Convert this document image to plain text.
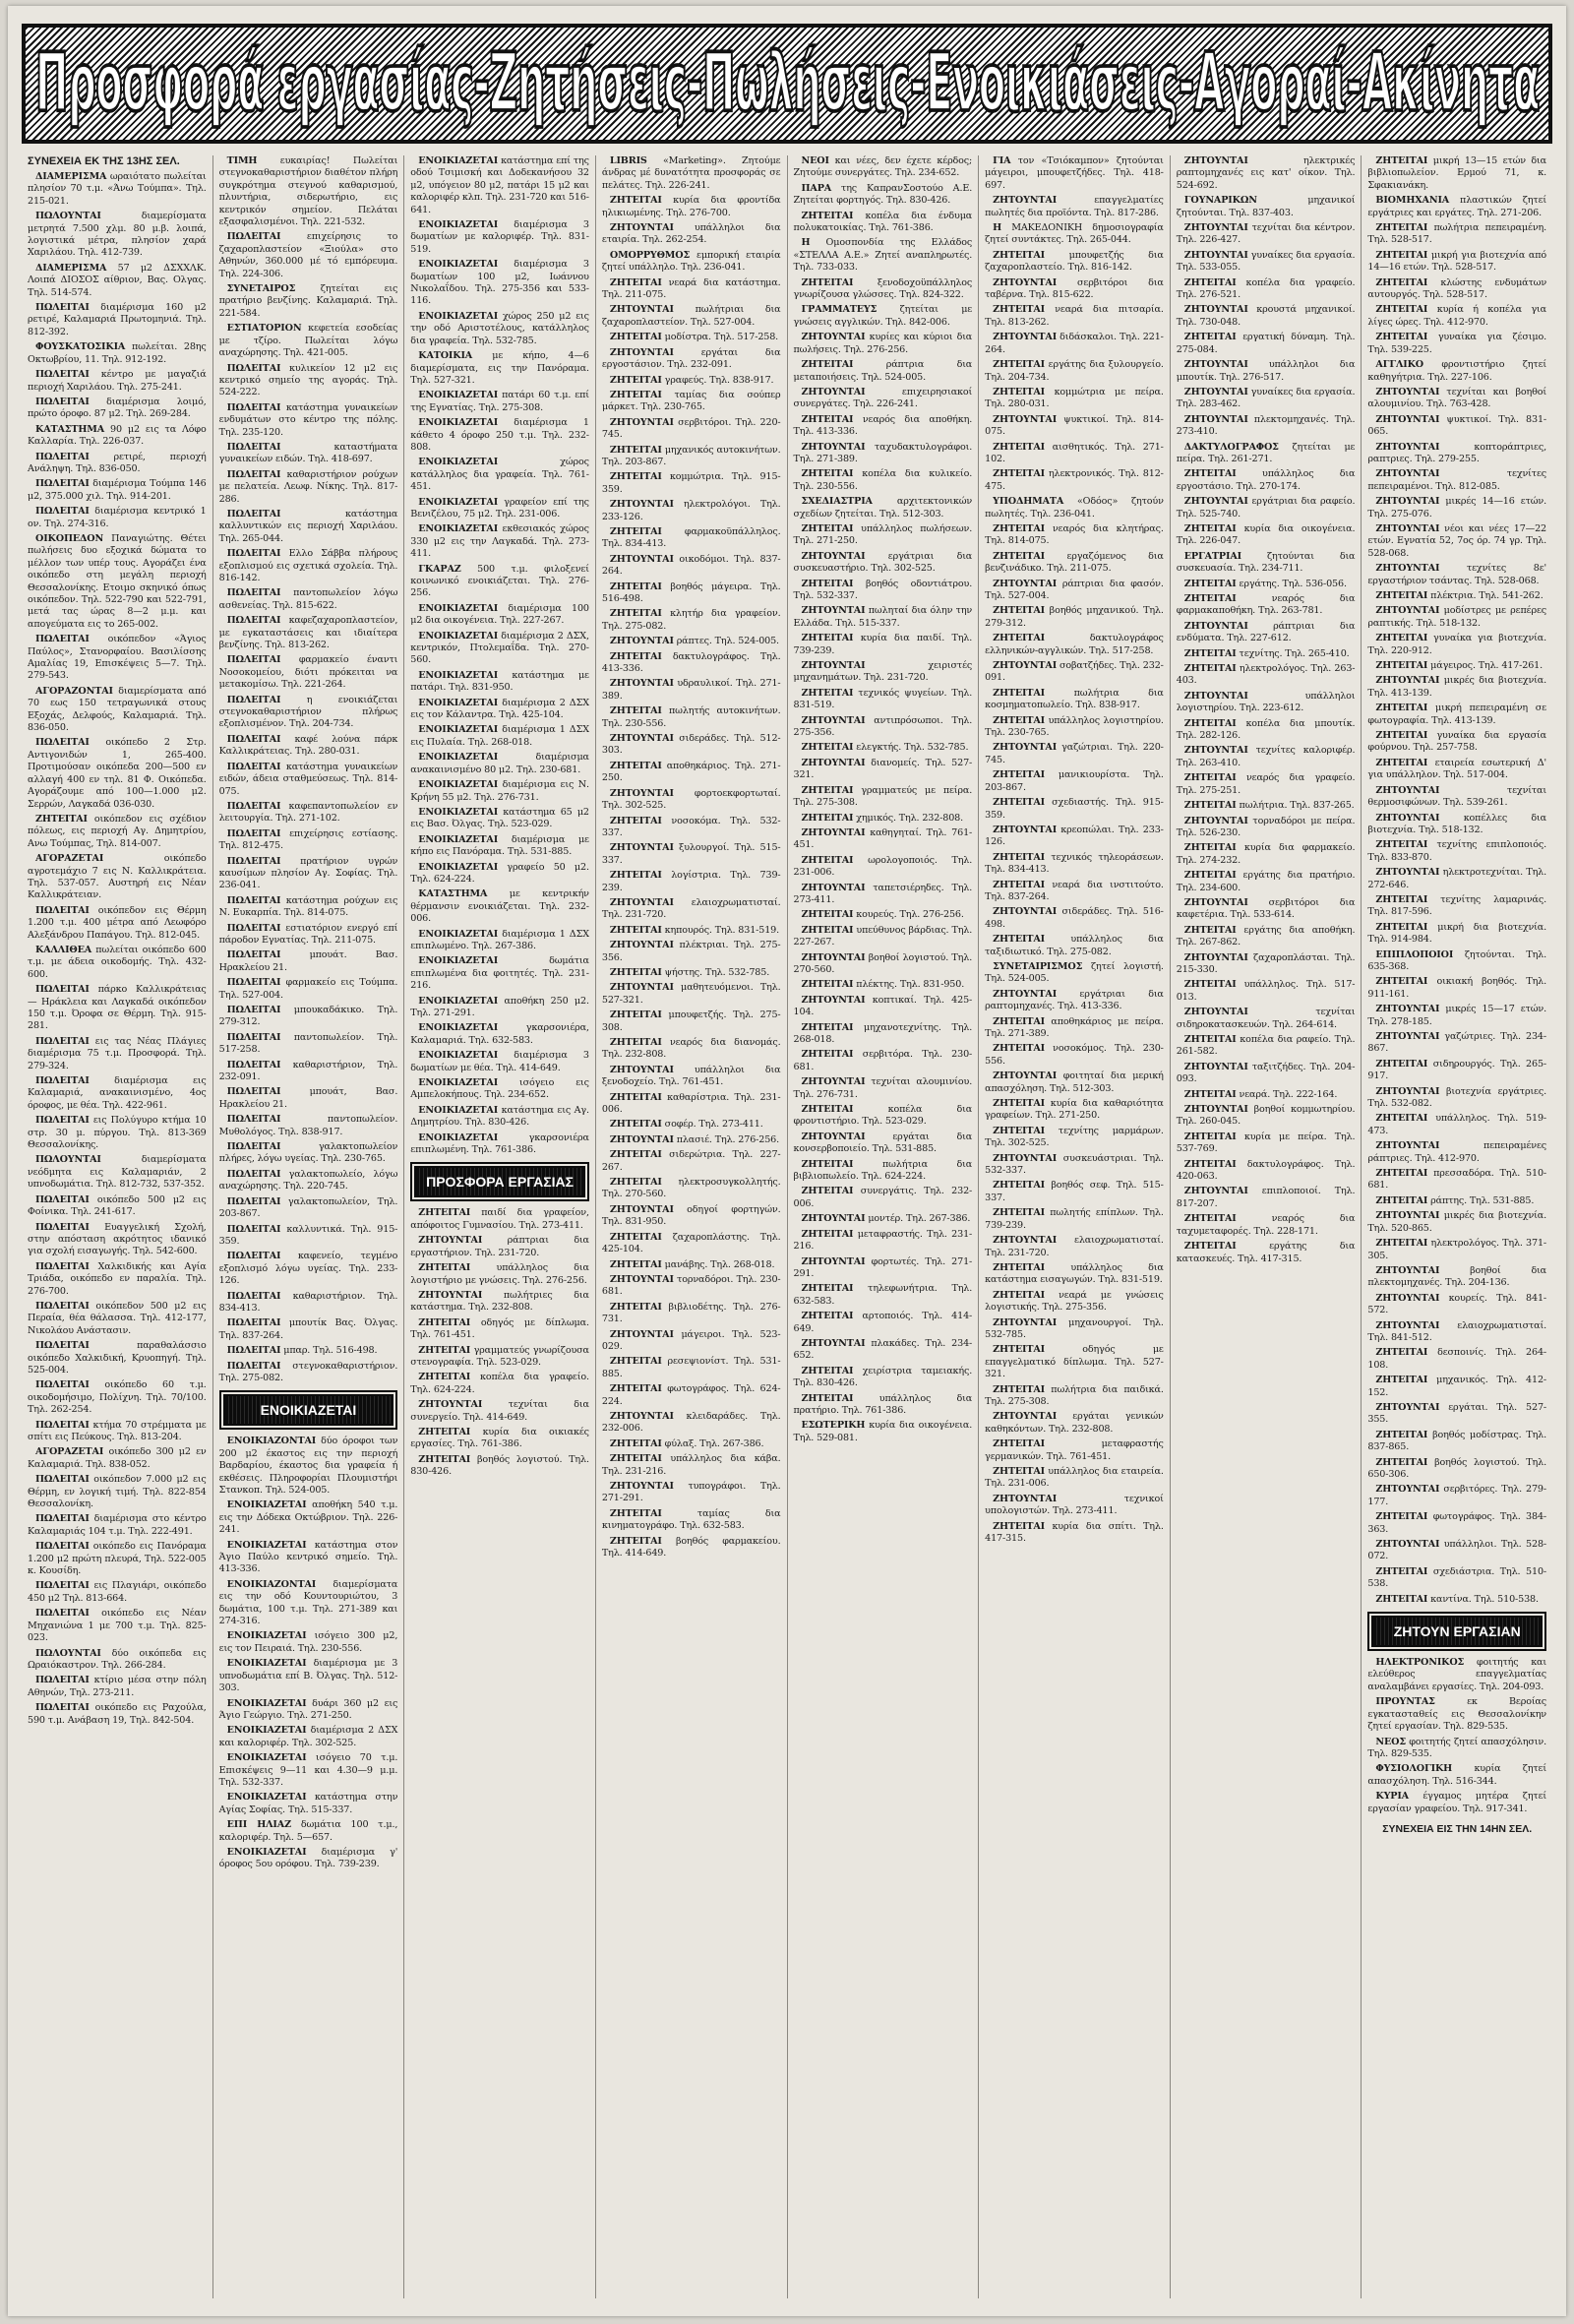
Προσφορά εργασίας-Ζητήσεις-Πωλήσεις-Ενοικιάσεις-Αγοραί-Ακίνητα
ΣΥΝΕΧΕΙΑ ΕΚ ΤΗΣ 13ΗΣ ΣΕΛ.

ΔΙΑΜΕΡΙΣΜΑ ωραιότατο πωλείται πλησίον 70 τ.μ. «Άνω Τούμπα». Τηλ. 215-021.

ΠΩΛΟΥΝΤΑΙ	διαμερίσματα μετρητά 7.500 χλμ. 80 μ.β. λοιπά, λογιστικά μέτρα, πλησίον χαρά Χαριλάου. Τηλ. 412-739.

ΔΙΑΜΕΡΙΣΜΑ 57 μ2 ΔΣΧΧΛΚ. Λοιπά ΔΙΟΣΟΣ αίθριον, Βας. Ολγας. Τηλ. 514-574.

ΠΩΛΕΙΤΑΙ διαμέρισμα 160 μ2 ρετιρέ, Καλαμαριά Πρωτομηνιά. Τηλ. 812-392.

ΦΟΥΣΚΑΤΟΣΙΚΙΑ πωλείται. 28ης Οκτωβρίου, 11. Τηλ. 912-192.

ΠΩΛΕΙΤΑΙ κέντρο με μαγαζιά περιοχή Χαριλάου. Τηλ. 275-241.

ΠΩΛΕΙΤΑΙ διαμέρισμα λοιμό, πρώτο όροφο. 87 μ2. Τηλ. 269-284.

ΚΑΤΑΣΤΗΜΑ 90 μ2 εις τα Λόφο Καλλαρία. Τηλ. 226-037.

ΠΩΛΕΙΤΑΙ	ρετιρέ, περιοχή Ανάληψη. Τηλ. 836-050.

ΠΩΛΕΙΤΑΙ διαμέρισμα Τούμπα 146 μ2, 375.000 χιλ. Τηλ. 914-201.

ΠΩΛΕΙΤΑΙ διαμέρισμα κεντρικό 1 ον. Τηλ. 274-316.

ΟΙΚΟΠΕΔΟΝ Παναγιώτης. Θέτει πωλήσεις δυο εξοχικά δώματα το μέλλον των υπέρ τους. Αγοράζει ένα οικόπεδο στη μεγάλη περιοχή Θεσσαλονίκης. Ετοιμο σκηνικό όπως οικόπεδον. Τηλ. 522-790 και 522-791, μετά τας ώρας 8—2 μ.μ. και απογεύματα εις το 265-002.

ΠΩΛΕΙΤΑΙ οικόπεδον «Άγιος Παύλος», Στανορφαίου. Βασιλίσσης Αμαλίας 19, Επισκέψεις 5—7. Τηλ. 279-543.

ΑΓΟΡΑΖΟΝΤΑΙ διαμερίσματα από 70 εως 150 τετραγωνικά στους Εξοχάς, Δελφούς, Καλαμαριά. Τηλ. 836-050.

ΠΩΛΕΙΤΑΙ οικόπεδο 2 Στρ. Αντιγονιδών 1, 265-400. Προτιμούσαν οικόπεδα 200—500 εν αλλαγή 400 εν τηλ. 81 Φ. Οικόπεδα. Αγοράζουμε από 100—1.000 μ2. Σερρών, Λαγκαδά 036-030.

ΖΗΤΕΙΤΑΙ οικόπεδον εις σχέδιον πόλεως, εις περιοχή Αγ. Δημητρίου, Ανω Τούμπας, Τηλ. 814-007.

ΑΓΟΡΑΖΕΤΑΙ	οικόπεδο αγροτεμάχιο 7 εις Ν. Καλλικράτεια. Τηλ. 537-057. Αυστηρή εις Νέαν Καλλικράτειαν.

ΠΩΛΕΙΤΑΙ οικόπεδον εις Θέρμη 1.200 τ.μ. 400 μέτρα από Λεωφόρο Αλεξάνδρου Παπάγου. Τηλ. 812-045.

ΚΑΛΛΙΘΕΑ πωλείται οικόπεδο 600 τ.μ. με άδεια οικοδομής. Τηλ. 432-600.

ΠΩΛΕΙΤΑΙ πάρκο Καλλικράτειας — Ηράκλεια και Λαγκαδά οικόπεδον 150 τ.μ. Όροφα σε Θέρμη. Τηλ. 915-281.

ΠΩΛΕΙΤΑΙ εις τας Νέας Πλάγιες διαμέρισμα 75 τ.μ. Προσφορά. Τηλ. 279-324.

ΠΩΛΕΙΤΑΙ	διαμέρισμα εις Καλαμαριά, ανακαινισμένο, 4ος όροφος, με θέα. Τηλ. 422-961.

ΠΩΛΕΙΤΑΙ εις Πολύγυρο κτήμα 10 στρ. 30 μ. πύργου. Τηλ. 813-369 Θεσσαλονίκης.

ΠΩΛΟΥΝΤΑΙ	διαμερίσματα νεόδμητα εις Καλαμαριάν, 2 υπνοδωμάτια. Τηλ. 812-732, 537-352.

ΠΩΛΕΙΤΑΙ οικόπεδο 500 μ2 εις Φοίνικα. Τηλ. 241-617.

ΠΩΛΕΙΤΑΙ Ευαγγελική Σχολή, στην απόσταση ακρότητος ιδανικό για σχολή εισαγωγής. Τηλ. 542-600.

ΠΩΛΕΙΤΑΙ Χαλκιδικής και Αγία Τριάδα, οικόπεδο εν παραλία. Τηλ. 276-700.

ΠΩΛΕΙΤΑΙ οικόπεδον 500 μ2 εις Περαία, θέα θάλασσα. Τηλ. 412-177, Νικολάου Ανάστασιν.

ΠΩΛΕΙΤΑΙ	παραθαλάσσιο οικόπεδο Χαλκιδική, Κρυοπηγή. Τηλ. 525-004.

ΠΩΛΕΙΤΑΙ οικόπεδο 60 τ.μ. οικοδομήσιμο, Πολίχνη. Τηλ. 70/100. Τηλ. 262-254.

ΠΩΛΕΙΤΑΙ κτήμα 70 στρέμματα με σπίτι εις Πεύκους. Τηλ. 813-204.

ΑΓΟΡΑΖΕΤΑΙ οικόπεδο 300 μ2 εν Καλαμαριά. Τηλ. 838-052.

ΠΩΛΕΙΤΑΙ οικόπεδον 7.000 μ2 εις Θέρμη, εν λογική τιμή. Τηλ. 822-854 Θεσσαλονίκη.

ΠΩΛΕΙΤΑΙ διαμέρισμα στο κέντρο Καλαμαριάς 104 τ.μ. Τηλ. 222-491.

ΠΩΛΕΙΤΑΙ οικόπεδο εις Πανόραμα 1.200 μ2 πρώτη πλευρά, Τηλ. 522-005 κ. Κουσίδη.

ΠΩΛΕΙΤΑΙ εις Πλαγιάρι, οικόπεδο 450 μ2 Τηλ. 813-664.

ΠΩΛΕΙΤΑΙ οικόπεδο εις Νέαν Μηχανιώνα 1 με 700 τ.μ. Τηλ. 825-023.

ΠΩΛΟΥΝΤΑΙ δύο οικόπεδα εις Ωραιόκαστρον. Τηλ. 266-284.

ΠΩΛΕΙΤΑΙ κτίριο μέσα στην πόλη Αθηνών, Τηλ. 273-211.

ΠΩΛΕΙΤΑΙ οικόπεδο εις Ραχούλα, 590 τ.μ. Ανάβαση 19, Τηλ. 842-504.

ΤΙΜΗ ευκαιρίας! Πωλείται στεγνοκαθαριστήριον διαθέτον πλήρη συγκρότημα στεγνού καθαρισμού, πλυντήρια, σιδερωτήριο, εις κεντρικόν σημείον. Πελάται εξασφαλισμένοι. Τηλ. 221-532.

ΠΩΛΕΙΤΑΙ	επιχείρησις το ζαχαροπλαστείον «Ξιούλα» στο Αθηνών, 360.000 μέ τό εμπόρευμα. Τηλ. 224-306.

ΣΥΝΕΤΑΙΡΟΣ	ζητείται εις πρατήριο βενζίνης. Καλαμαριά. Τηλ. 221-584.

ΕΣΤΙΑΤΟΡΙΟΝ κεφετεία εσοδείας με τζίρο. Πωλείται λόγω αναχώρησης. Τηλ. 421-005.

ΠΩΛΕΙΤΑΙ κυλικείον 12 μ2 εις κεντρικό σημείο της αγοράς. Τηλ. 524-222.

ΠΩΛΕΙΤΑΙ κατάστημα γυναικείων ενδυμάτων στο κέντρο της πόλης. Τηλ. 235-120.

ΠΩΛΕΙΤΑΙ	καταστήματα γυναικείων ειδών. Τηλ. 418-697.

ΠΩΛΕΙΤΑΙ καθαριστήριον ρούχων με πελατεία. Λεωφ. Νίκης. Τηλ. 817-286.

ΠΩΛΕΙΤΑΙ	κατάστημα καλλυντικών εις περιοχή Χαριλάου. Τηλ. 265-044.

ΠΩΛΕΙΤΑΙ Ελλο Σάββα πλήρους εξοπλισμού εις σχετικά σχολεία. Τηλ. 816-142.

ΠΩΛΕΙΤΑΙ παντοπωλείον λόγω ασθενείας. Τηλ. 815-622.

ΠΩΛΕΙΤΑΙ καφεζαχαροπλαστείον, με εγκαταστάσεις και ιδιαίτερα βενζίνης. Τηλ. 813-262.

ΠΩΛΕΙΤΑΙ φαρμακείο έναντι Νοσοκομείου, διότι πρόκειται να μετακομίσω. Τηλ. 221-264.

ΠΩΛΕΙΤΑΙ	η ενοικιάζεται στεγνοκαθαριστήριον πλήρως εξοπλισμένον. Τηλ. 204-734.

ΠΩΛΕΙΤΑΙ καφέ λούνα πάρκ Καλλικράτειας. Τηλ. 280-031.

ΠΩΛΕΙΤΑΙ κατάστημα γυναικείων ειδών, άδεια σταθμεύσεως. Τηλ. 814-075.

ΠΩΛΕΙΤΑΙ καφεπαντοπωλείον εν λειτουργία. Τηλ. 271-102.

ΠΩΛΕΙΤΑΙ επιχείρησις εστίασης. Τηλ. 812-475.

ΠΩΛΕΙΤΑΙ πρατήριον υγρών καυσίμων πλησίον Αγ. Σοφίας. Τηλ. 236-041.

ΠΩΛΕΙΤΑΙ κατάστημα ρούχων εις Ν. Ευκαρπία. Τηλ. 814-075.

ΠΩΛΕΙΤΑΙ εστιατόριον ενεργό επί πάροδον Εγνατίας. Τηλ. 211-075.

ΠΩΛΕΙΤΑΙ	μπουάτ. Βασ. Ηρακλείου 21.

ΠΩΛΕΙΤΑΙ φαρμακείο εις Τούμπα. Τηλ. 527-004.

ΠΩΛΕΙΤΑΙ μπουκαδάκικο. Τηλ. 279-312.

ΠΩΛΕΙΤΑΙ παντοπωλείον. Τηλ. 517-258.

ΠΩΛΕΙΤΑΙ καθαριστήριον, Τηλ. 232-091.

ΠΩΛΕΙΤΑΙ	μπουάτ, Βασ. Ηρακλείου 21.

ΠΩΛΕΙΤΑΙ	παντοπωλείον. Μυθολόγος. Τηλ. 838-917.

ΠΩΛΕΙΤΑΙ	γαλακτοπωλείον πλήρες, λόγω υγείας. Τηλ. 230-765.

ΠΩΛΕΙΤΑΙ γαλακτοπωλείο, λόγω αναχώρησης. Τηλ. 220-745.

ΠΩΛΕΙΤΑΙ γαλακτοπωλείον, Τηλ. 203-867.

ΠΩΛΕΙΤΑΙ καλλυντικά. Τηλ. 915-359.

ΠΩΛΕΙΤΑΙ καφενείο, τεγμένο εξοπλισμό λόγω υγείας. Τηλ. 233-126.

ΠΩΛΕΙΤΑΙ καθαριστήριον. Τηλ. 834-413.

ΠΩΛΕΙΤΑΙ μπουτίκ Βας. Όλγας. Τηλ. 837-264.

ΠΩΛΕΙΤΑΙ μπαρ. Τηλ. 516-498.

ΠΩΛΕΙΤΑΙ στεγνοκαθαριστήριον. Τηλ. 275-082.

ΕΝΟΙΚΙΑΖΕΤΑΙ

ΕΝΟΙΚΙΑΖΟΝΤΑΙ δύο όροφοι των 200 μ2 έκαστος εις την περιοχή Βαρδαρίου, έκαστος δια γραφεία ή εκθέσεις. Πληροφορίαι Πλουμιστήρι Στανκοπ. Τηλ. 524-005.

ΕΝΟΙΚΙΑΖΕΤΑΙ αποθήκη 540 τ.μ. εις την Δόδεκα Οκτώβριον. Τηλ. 226-241.

ΕΝΟΙΚΙΑΖΕΤΑΙ κατάστημα στον Άγιο Παύλο κεντρικό σημείο. Τηλ. 413-336.

ΕΝΟΙΚΙΑΖΟΝΤΑΙ διαμερίσματα εις την οδό Κουντουριώτου, 3 δωμάτια, 100 τ.μ. Τηλ. 271-389 και 274-316.

ΕΝΟΙΚΙΑΖΕΤΑΙ ισόγειο 300 μ2, εις τον Πειραιά. Τηλ. 230-556.

ΕΝΟΙΚΙΑΖΕΤΑΙ διαμέρισμα με 3 υπνοδωμάτια επί Β. Όλγας. Τηλ. 512-303.

ΕΝΟΙΚΙΑΖΕΤΑΙ δυάρι 360 μ2 εις Άγιο Γεώργιο. Τηλ. 271-250.

ΕΝΟΙΚΙΑΖΕΤΑΙ διαμέρισμα 2 ΔΣΧ και καλοριφέρ. Τηλ. 302-525.

ΕΝΟΙΚΙΑΖΕΤΑΙ ισόγειο 70 τ.μ. Επισκέψεις 9—11 και 4.30—9 μ.μ. Τηλ. 532-337.

ΕΝΟΙΚΙΑΖΕΤΑΙ κατάστημα στην Αγίας Σοφίας. Τηλ. 515-337.

ΕΠΙ ΗΛΙΑΖ δωμάτια 100 τ.μ., καλοριφέρ. Τηλ. 5—657.

ΕΝΟΙΚΙΑΖΕΤΑΙ διαμέρισμα γ' όροφος 5ου ορόφου. Τηλ. 739-239.

ΕΝΟΙΚΙΑΖΕΤΑΙ κατάστημα επί της οδού Τσιμισκή και Δοδεκανήσου 32 μ2, υπόγειον 80 μ2, πατάρι 15 μ2 και καλοριφέρ κλπ. Τηλ. 231-720 και 516-641.

ΕΝΟΙΚΙΑΖΕΤΑΙ διαμέρισμα 3 δωματίων με καλοριφέρ. Τηλ. 831-519.

ΕΝΟΙΚΙΑΖΕΤΑΙ διαμέρισμα 3 δωματίων 100 μ2, Ιωάννου Νικολαΐδου. Τηλ. 275-356 και 533-116.

ΕΝΟΙΚΙΑΖΕΤΑΙ χώρος 250 μ2 εις την οδό Αριστοτέλους, κατάλληλος δια γραφεία. Τηλ. 532-785.

ΚΑΤΟΙΚΙΑ με κήπο, 4—6 διαμερίσματα, εις την Πανόραμα. Τηλ. 527-321.

ΕΝΟΙΚΙΑΖΕΤΑΙ πατάρι 60 τ.μ. επί της Εγνατίας. Τηλ. 275-308.

ΕΝΟΙΚΙΑΖΕΤΑΙ διαμέρισμα 1 κάθετο 4 όροφο 250 τ.μ. Τηλ. 232-808.

ΕΝΟΙΚΙΑΖΕΤΑΙ	χώρος κατάλληλος δια γραφεία. Τηλ. 761-451.

ΕΝΟΙΚΙΑΖΕΤΑΙ γραφείον επί της Βενιζέλου, 75 μ2. Τηλ. 231-006.

ΕΝΟΙΚΙΑΖΕΤΑΙ εκθεσιακός χώρος 330 μ2 εις την Λαγκαδά. Τηλ. 273-411.

ΓΚΑΡΑΖ 500 τ.μ. φιλοξενεί κοινωνικό ενοικιάζεται. Τηλ. 276-256.

ΕΝΟΙΚΙΑΖΕΤΑΙ διαμέρισμα 100 μ2 δια οικογένεια. Τηλ. 227-267.

ΕΝΟΙΚΙΑΖΕΤΑΙ διαμέρισμα 2 ΔΣΧ, κεντρικόν, Πτολεμαΐδα. Τηλ. 270-560.

ΕΝΟΙΚΙΑΖΕΤΑΙ κατάστημα με πατάρι. Τηλ. 831-950.

ΕΝΟΙΚΙΑΖΕΤΑΙ διαμέρισμα 2 ΔΣΧ εις τον Κάλαντρα. Τηλ. 425-104.

ΕΝΟΙΚΙΑΖΕΤΑΙ διαμέρισμα 1 ΔΣΧ εις Πυλαία. Τηλ. 268-018.

ΕΝΟΙΚΙΑΖΕΤΑΙ	διαμέρισμα ανακαινισμένο 80 μ2. Τηλ. 230-681.

ΕΝΟΙΚΙΑΖΕΤΑΙ διαμέρισμα εις Ν. Κρήνη 55 μ2. Τηλ. 276-731.

ΕΝΟΙΚΙΑΖΕΤΑΙ κατάστημα 65 μ2 εις Βασ. Όλγας. Τηλ. 523-029.

ΕΝΟΙΚΙΑΖΕΤΑΙ διαμέρισμα με κήπο εις Πανόραμα. Τηλ. 531-885.

ΕΝΟΙΚΙΑΖΕΤΑΙ γραφείο 50 μ2. Τηλ. 624-224.

ΚΑΤΑΣΤΗΜΑ με κεντρικήν θέρμανσιν ενοικιάζεται. Τηλ. 232-006.

ΕΝΟΙΚΙΑΖΕΤΑΙ διαμέρισμα 1 ΔΣΧ επιπλωμένο. Τηλ. 267-386.

ΕΝΟΙΚΙΑΖΕΤΑΙ	δωμάτια επιπλωμένα δια φοιτητές. Τηλ. 231-216.

ΕΝΟΙΚΙΑΖΕΤΑΙ αποθήκη 250 μ2. Τηλ. 271-291.

ΕΝΟΙΚΙΑΖΕΤΑΙ	γκαρσονιέρα, Καλαμαριά. Τηλ. 632-583.

ΕΝΟΙΚΙΑΖΕΤΑΙ διαμέρισμα 3 δωματίων με θέα. Τηλ. 414-649.

ΕΝΟΙΚΙΑΖΕΤΑΙ ισόγειο εις Αμπελοκήπους. Τηλ. 234-652.

ΕΝΟΙΚΙΑΖΕΤΑΙ κατάστημα εις Αγ. Δημητρίου. Τηλ. 830-426.

ΕΝΟΙΚΙΑΖΕΤΑΙ	γκαρσονιέρα επιπλωμένη. Τηλ. 761-386.

ΠΡΟΣΦΟΡΑ ΕΡΓΑΣΙΑΣ

ΖΗΤΕΙΤΑΙ παιδί δια γραφείον, απόφοιτος Γυμνασίου. Τηλ. 273-411.

ΖΗΤΟΥΝΤΑΙ	ράπτριαι δια εργαστήριον. Τηλ. 231-720.

ΖΗΤΕΙΤΑΙ	υπάλληλος δια λογιστήριο με γνώσεις. Τηλ. 276-256.

ΖΗΤΟΥΝΤΑΙ πωλήτριες δια κατάστημα. Τηλ. 232-808.

ΖΗΤΕΙΤΑΙ οδηγός με δίπλωμα. Τηλ. 761-451.

ΖΗΤΕΙΤΑΙ γραμματεύς γνωρίζουσα στενογραφία. Τηλ. 523-029.

ΖΗΤΕΙΤΑΙ κοπέλα δια γραφείο. Τηλ. 624-224.

ΖΗΤΟΥΝΤΑΙ	τεχνίται δια συνεργείο. Τηλ. 414-649.

ΖΗΤΕΙΤΑΙ κυρία δια οικιακές εργασίες. Τηλ. 761-386.

ΖΗΤΕΙΤΑΙ βοηθός λογιστού. Τηλ. 830-426.

LIBRIS «Marketing». Ζητούμε άνδρας μέ δυνατότητα προσφοράς σε πελάτες. Τηλ. 226-241.

ΖΗΤΕΙΤΑΙ κυρία δια φροντίδα ηλικιωμένης. Τηλ. 276-700.

ΖΗΤΟΥΝΤΑΙ υπάλληλοι δια εταιρία. Τηλ. 262-254.

ΟΜΟΡΡΥΘΜΟΣ εμπορική εταιρία ζητεί υπάλληλο. Τηλ. 236-041.

ΖΗΤΕΙΤΑΙ νεαρά δια κατάστημα. Τηλ. 211-075.

ΖΗΤΟΥΝΤΑΙ πωλήτριαι δια ζαχαροπλαστείον. Τηλ. 527-004.

ΖΗΤΕΙΤΑΙ μοδίστρα. Τηλ. 517-258.

ΖΗΤΟΥΝΤΑΙ	εργάται δια εργοστάσιον. Τηλ. 232-091.

ΖΗΤΕΙΤΑΙ γραφεύς. Τηλ. 838-917.

ΖΗΤΕΙΤΑΙ ταμίας δια σούπερ μάρκετ. Τηλ. 230-765.

ΖΗΤΟΥΝΤΑΙ σερβιτόροι. Τηλ. 220-745.

ΖΗΤΕΙΤΑΙ μηχανικός αυτοκινήτων. Τηλ. 203-867.

ΖΗΤΕΙΤΑΙ κομμώτρια. Τηλ. 915-359.

ΖΗΤΟΥΝΤΑΙ ηλεκτρολόγοι. Τηλ. 233-126.

ΖΗΤΕΙΤΑΙ φαρμακοϋπάλληλος. Τηλ. 834-413.

ΖΗΤΟΥΝΤΑΙ οικοδόμοι. Τηλ. 837-264.

ΖΗΤΕΙΤΑΙ βοηθός μάγειρα. Τηλ. 516-498.

ΖΗΤΕΙΤΑΙ κλητήρ δια γραφείον. Τηλ. 275-082.

ΖΗΤΟΥΝΤΑΙ ράπτες. Τηλ. 524-005.

ΖΗΤΕΙΤΑΙ δακτυλογράφος. Τηλ. 413-336.

ΖΗΤΟΥΝΤΑΙ υδραυλικοί. Τηλ. 271-389.

ΖΗΤΕΙΤΑΙ πωλητής αυτοκινήτων. Τηλ. 230-556.

ΖΗΤΟΥΝΤΑΙ σιδεράδες. Τηλ. 512-303.

ΖΗΤΕΙΤΑΙ αποθηκάριος. Τηλ. 271-250.

ΖΗΤΟΥΝΤΑΙ φορτοεκφορτωταί. Τηλ. 302-525.

ΖΗΤΕΙΤΑΙ νοσοκόμα. Τηλ. 532-337.

ΖΗΤΟΥΝΤΑΙ ξυλουργοί. Τηλ. 515-337.

ΖΗΤΕΙΤΑΙ λογίστρια. Τηλ. 739-239.

ΖΗΤΟΥΝΤΑΙ ελαιοχρωματισταί. Τηλ. 231-720.

ΖΗΤΕΙΤΑΙ κηπουρός. Τηλ. 831-519.

ΖΗΤΟΥΝΤΑΙ πλέκτριαι. Τηλ. 275-356.

ΖΗΤΕΙΤΑΙ ψήστης. Τηλ. 532-785.

ΖΗΤΟΥΝΤΑΙ μαθητευόμενοι. Τηλ. 527-321.

ΖΗΤΕΙΤΑΙ μπουφετζής. Τηλ. 275-308.

ΖΗΤΕΙΤΑΙ νεαρός δια διανομάς. Τηλ. 232-808.

ΖΗΤΟΥΝΤΑΙ υπάλληλοι δια ξενοδοχείο. Τηλ. 761-451.

ΖΗΤΕΙΤΑΙ καθαρίστρια. Τηλ. 231-006.

ΖΗΤΕΙΤΑΙ σοφέρ. Τηλ. 273-411.

ΖΗΤΟΥΝΤΑΙ πλασιέ. Τηλ. 276-256.

ΖΗΤΕΙΤΑΙ σιδερώτρια. Τηλ. 227-267.

ΖΗΤΕΙΤΑΙ ηλεκτροσυγκολλητής. Τηλ. 270-560.

ΖΗΤΟΥΝΤΑΙ οδηγοί φορτηγών. Τηλ. 831-950.

ΖΗΤΕΙΤΑΙ ζαχαροπλάστης. Τηλ. 425-104.

ΖΗΤΕΙΤΑΙ μανάβης. Τηλ. 268-018.

ΖΗΤΟΥΝΤΑΙ τορναδόροι. Τηλ. 230-681.

ΖΗΤΕΙΤΑΙ βιβλιοδέτης. Τηλ. 276-731.

ΖΗΤΟΥΝΤΑΙ μάγειροι. Τηλ. 523-029.

ΖΗΤΕΙΤΑΙ ρεσεψιονίστ. Τηλ. 531-885.

ΖΗΤΕΙΤΑΙ φωτογράφος. Τηλ. 624-224.

ΖΗΤΟΥΝΤΑΙ κλειδαράδες. Τηλ. 232-006.

ΖΗΤΕΙΤΑΙ φύλαξ. Τηλ. 267-386.

ΖΗΤΕΙΤΑΙ υπάλληλος δια κάβα. Τηλ. 231-216.

ΖΗΤΟΥΝΤΑΙ τυπογράφοι. Τηλ. 271-291.

ΖΗΤΕΙΤΑΙ	ταμίας δια κινηματογράφο. Τηλ. 632-583.

ΖΗΤΕΙΤΑΙ βοηθός φαρμακείου. Τηλ. 414-649.

ΝΕΟΙ και νέες, δεν έχετε κέρδος; Ζητούμε συνεργάτες. Τηλ. 234-652.

ΠΑΡΑ της ΚαπρανΣοστούο Α.Ε. Ζητείται φορτηγός. Τηλ. 830-426.

ΖΗΤΕΙΤΑΙ κοπέλα δια ένδυμα πολυκατοικίας. Τηλ. 761-386.

Η Ομοσπονδία της Ελλάδος «ΣΤΕΛΛΑ Α.Ε.» Ζητεί αναπληρωτές. Τηλ. 733-033.

ΖΗΤΕΙΤΑΙ	ξενοδοχοϋπάλληλος γνωρίζουσα γλώσσες. Τηλ. 824-322.

ΓΡΑΜΜΑΤΕΥΣ ζητείται με γνώσεις αγγλικών. Τηλ. 842-006.

ΖΗΤΟΥΝΤΑΙ κυρίες και κύριοι δια πωλήσεις. Τηλ. 276-256.

ΖΗΤΕΙΤΑΙ	ράπτρια δια μεταποιήσεις. Τηλ. 524-005.

ΖΗΤΟΥΝΤΑΙ	επιχειρησιακοί συνεργάτες. Τηλ. 226-241.

ΖΗΤΕΙΤΑΙ νεαρός δια αποθήκη. Τηλ. 413-336.

ΖΗΤΟΥΝΤΑΙ ταχυδακτυλογράφοι. Τηλ. 271-389.

ΖΗΤΕΙΤΑΙ κοπέλα δια κυλικείο. Τηλ. 230-556.

ΣΧΕΔΙΑΣΤΡΙΑ	αρχιτεκτονικών σχεδίων ζητείται. Τηλ. 512-303.

ΖΗΤΕΙΤΑΙ υπάλληλος πωλήσεων. Τηλ. 271-250.

ΖΗΤΟΥΝΤΑΙ εργάτριαι δια συσκευαστήριο. Τηλ. 302-525.

ΖΗΤΕΙΤΑΙ βοηθός οδοντιάτρου. Τηλ. 532-337.

ΖΗΤΟΥΝΤΑΙ πωληταί δια όλην την Ελλάδα. Τηλ. 515-337.

ΖΗΤΕΙΤΑΙ κυρία δια παιδί. Τηλ. 739-239.

ΖΗΤΟΥΝΤΑΙ	χειριστές μηχανημάτων. Τηλ. 231-720.

ΖΗΤΕΙΤΑΙ τεχνικός ψυγείων. Τηλ. 831-519.

ΖΗΤΟΥΝΤΑΙ αντιπρόσωποι. Τηλ. 275-356.

ΖΗΤΕΙΤΑΙ ελεγκτής. Τηλ. 532-785.

ΖΗΤΟΥΝΤΑΙ διανομείς. Τηλ. 527-321.

ΖΗΤΕΙΤΑΙ γραμματεύς με πείρα. Τηλ. 275-308.

ΖΗΤΕΙΤΑΙ χημικός. Τηλ. 232-808.

ΖΗΤΟΥΝΤΑΙ καθηγηταί. Τηλ. 761-451.

ΖΗΤΕΙΤΑΙ ωρολογοποιός. Τηλ. 231-006.

ΖΗΤΟΥΝΤΑΙ ταπετσιέρηδες. Τηλ. 273-411.

ΖΗΤΕΙΤΑΙ κουρεύς. Τηλ. 276-256.

ΖΗΤΕΙΤΑΙ υπεύθυνος βάρδιας. Τηλ. 227-267.

ΖΗΤΟΥΝΤΑΙ βοηθοί λογιστού. Τηλ. 270-560.

ΖΗΤΕΙΤΑΙ πλέκτης. Τηλ. 831-950.

ΖΗΤΟΥΝΤΑΙ κοπτικαί. Τηλ. 425-104.

ΖΗΤΕΙΤΑΙ μηχανοτεχνίτης. Τηλ. 268-018.

ΖΗΤΕΙΤΑΙ σερβιτόρα. Τηλ. 230-681.

ΖΗΤΟΥΝΤΑΙ τεχνίται αλουμινίου. Τηλ. 276-731.

ΖΗΤΕΙΤΑΙ	κοπέλα δια φροντιστήριο. Τηλ. 523-029.

ΖΗΤΟΥΝΤΑΙ	εργάται δια κονσερβοποιείο. Τηλ. 531-885.

ΖΗΤΕΙΤΑΙ	πωλήτρια δια βιβλιοπωλείο. Τηλ. 624-224.

ΖΗΤΕΙΤΑΙ συνεργάτις. Τηλ. 232-006.

ΖΗΤΟΥΝΤΑΙ μοντέρ. Τηλ. 267-386.

ΖΗΤΕΙΤΑΙ μεταφραστής. Τηλ. 231-216.

ΖΗΤΟΥΝΤΑΙ φορτωτές. Τηλ. 271-291.

ΖΗΤΕΙΤΑΙ τηλεφωνήτρια. Τηλ. 632-583.

ΖΗΤΕΙΤΑΙ αρτοποιός. Τηλ. 414-649.

ΖΗΤΟΥΝΤΑΙ πλακάδες. Τηλ. 234-652.

ΖΗΤΕΙΤΑΙ χειρίστρια ταμειακής. Τηλ. 830-426.

ΖΗΤΕΙΤΑΙ	υπάλληλος δια πρατήριο. Τηλ. 761-386.

ΕΣΩΤΕΡΙΚΗ κυρία δια οικογένεια. Τηλ. 529-081.

ΓΙΑ τον «Τσιόκαμπον» ζητούνται μάγειροι, μπουφετζήδες. Τηλ. 418-697.

ΖΗΤΟΥΝΤΑΙ	επαγγελματίες πωλητές δια προϊόντα. Τηλ. 817-286.

Η ΜΑΚΕΔΟΝΙΚΗ δημοσιογραφία ζητεί συντάκτες. Τηλ. 265-044.

ΖΗΤΕΙΤΑΙ	μπουφετζής δια ζαχαροπλαστείο. Τηλ. 816-142.

ΖΗΤΟΥΝΤΑΙ σερβιτόροι δια ταβέρνα. Τηλ. 815-622.

ΖΗΤΕΙΤΑΙ νεαρά δια πιτσαρία. Τηλ. 813-262.

ΖΗΤΟΥΝΤΑΙ διδάσκαλοι. Τηλ. 221-264.

ΖΗΤΕΙΤΑΙ εργάτης δια ξυλουργείο. Τηλ. 204-734.

ΖΗΤΕΙΤΑΙ κομμώτρια με πείρα. Τηλ. 280-031.

ΖΗΤΟΥΝΤΑΙ ψυκτικοί. Τηλ. 814-075.

ΖΗΤΕΙΤΑΙ αισθητικός. Τηλ. 271-102.

ΖΗΤΕΙΤΑΙ ηλεκτρονικός. Τηλ. 812-475.

ΥΠΟΔΗΜΑΤΑ «Οδόος» ζητούν πωλητές. Τηλ. 236-041.

ΖΗΤΕΙΤΑΙ νεαρός δια κλητήρας. Τηλ. 814-075.

ΖΗΤΕΙΤΑΙ εργαζόμενος δια βενζινάδικο. Τηλ. 211-075.

ΖΗΤΟΥΝΤΑΙ ράπτριαι δια φασόν. Τηλ. 527-004.

ΖΗΤΕΙΤΑΙ βοηθός μηχανικού. Τηλ. 279-312.

ΖΗΤΕΙΤΑΙ	δακτυλογράφος ελληνικών-αγγλικών. Τηλ. 517-258.

ΖΗΤΟΥΝΤΑΙ σοβατζήδες. Τηλ. 232-091.

ΖΗΤΕΙΤΑΙ	πωλήτρια δια κοσμηματοπωλείο. Τηλ. 838-917.

ΖΗΤΕΙΤΑΙ υπάλληλος λογιστηρίου. Τηλ. 230-765.

ΖΗΤΟΥΝΤΑΙ γαζώτριαι. Τηλ. 220-745.

ΖΗΤΕΙΤΑΙ μανικιουρίστα. Τηλ. 203-867.

ΖΗΤΕΙΤΑΙ σχεδιαστής. Τηλ. 915-359.

ΖΗΤΟΥΝΤΑΙ κρεοπώλαι. Τηλ. 233-126.

ΖΗΤΕΙΤΑΙ τεχνικός τηλεοράσεων. Τηλ. 834-413.

ΖΗΤΕΙΤΑΙ νεαρά δια ινστιτούτο. Τηλ. 837-264.

ΖΗΤΟΥΝΤΑΙ σιδεράδες. Τηλ. 516-498.

ΖΗΤΕΙΤΑΙ	υπάλληλος δια ταξιδιωτικό. Τηλ. 275-082.

ΣΥΝΕΤΑΙΡΙΣΜΟΣ ζητεί λογιστή. Τηλ. 524-005.

ΖΗΤΟΥΝΤΑΙ εργάτριαι δια ραπτομηχανές. Τηλ. 413-336.

ΖΗΤΕΙΤΑΙ αποθηκάριος με πείρα. Τηλ. 271-389.

ΖΗΤΕΙΤΑΙ νοσοκόμος. Τηλ. 230-556.

ΖΗΤΟΥΝΤΑΙ φοιτηταί δια μερική απασχόληση. Τηλ. 512-303.

ΖΗΤΕΙΤΑΙ κυρία δια καθαριότητα γραφείων. Τηλ. 271-250.

ΖΗΤΕΙΤΑΙ τεχνίτης μαρμάρων. Τηλ. 302-525.

ΖΗΤΟΥΝΤΑΙ συσκευάστριαι. Τηλ. 532-337.

ΖΗΤΕΙΤΑΙ βοηθός σεφ. Τηλ. 515-337.

ΖΗΤΕΙΤΑΙ πωλητής επίπλων. Τηλ. 739-239.

ΖΗΤΟΥΝΤΑΙ ελαιοχρωματισταί. Τηλ. 231-720.

ΖΗΤΕΙΤΑΙ	υπάλληλος δια κατάστημα εισαγωγών. Τηλ. 831-519.

ΖΗΤΕΙΤΑΙ νεαρά με γνώσεις λογιστικής. Τηλ. 275-356.

ΖΗΤΟΥΝΤΑΙ μηχανουργοί. Τηλ. 532-785.

ΖΗΤΕΙΤΑΙ	οδηγός με επαγγελματικό δίπλωμα. Τηλ. 527-321.

ΖΗΤΕΙΤΑΙ πωλήτρια δια παιδικά. Τηλ. 275-308.

ΖΗΤΟΥΝΤΑΙ εργάται γενικών καθηκόντων. Τηλ. 232-808.

ΖΗΤΕΙΤΑΙ	μεταφραστής γερμανικών. Τηλ. 761-451.

ΖΗΤΕΙΤΑΙ υπάλληλος δια εταιρεία. Τηλ. 231-006.

ΖΗΤΟΥΝΤΑΙ	τεχνικοί υπολογιστών. Τηλ. 273-411.

ΖΗΤΕΙΤΑΙ κυρία δια σπίτι. Τηλ. 417-315.

ΖΗΤΟΥΝΤΑΙ	ηλεκτρικές ραπτομηχανές εις κατ' οίκον. Τηλ. 524-692.

ΓΟΥΝΑΡΙΚΩΝ	μηχανικοί ζητούνται. Τηλ. 837-403.

ΖΗΤΟΥΝΤΑΙ τεχνίται δια κέντρον. Τηλ. 226-427.

ΖΗΤΟΥΝΤΑΙ γυναίκες δια εργασία. Τηλ. 533-055.

ΖΗΤΕΙΤΑΙ κοπέλα δια γραφείο. Τηλ. 276-521.

ΖΗΤΟΥΝΤΑΙ κρουστά μηχανικοί. Τηλ. 730-048.

ΖΗΤΕΙΤΑΙ εργατική δύναμη. Τηλ. 275-084.

ΖΗΤΟΥΝΤΑΙ υπάλληλοι δια μπουτίκ. Τηλ. 276-517.

ΖΗΤΟΥΝΤΑΙ γυναίκες δια εργασία. Τηλ. 283-462.

ΖΗΤΟΥΝΤΑΙ πλεκτομηχανές. Τηλ. 273-410.

ΔΑΚΤΥΛΟΓΡΑΦΟΣ ζητείται με πείρα. Τηλ. 261-271.

ΖΗΤΕΙΤΑΙ	υπάλληλος δια εργοστάσιο. Τηλ. 270-174.

ΖΗΤΟΥΝΤΑΙ εργάτριαι δια ραφείο. Τηλ. 525-740.

ΖΗΤΕΙΤΑΙ κυρία δια οικογένεια. Τηλ. 226-047.

ΕΡΓΑΤΡΙΑΙ	ζητούνται δια συσκευασία. Τηλ. 234-711.

ΖΗΤΕΙΤΑΙ εργάτης. Τηλ. 536-056.

ΖΗΤΕΙΤΑΙ	νεαρός δια φαρμακαποθήκη. Τηλ. 263-781.

ΖΗΤΟΥΝΤΑΙ	ράπτριαι δια ενδύματα. Τηλ. 227-612.

ΖΗΤΕΙΤΑΙ τεχνίτης. Τηλ. 265-410.

ΖΗΤΕΙΤΑΙ ηλεκτρολόγος. Τηλ. 263-403.

ΖΗΤΟΥΝΤΑΙ	υπάλληλοι λογιστηρίου. Τηλ. 223-612.

ΖΗΤΕΙΤΑΙ κοπέλα δια μπουτίκ. Τηλ. 282-126.

ΖΗΤΟΥΝΤΑΙ τεχνίτες καλοριφέρ. Τηλ. 263-410.

ΖΗΤΕΙΤΑΙ νεαρός δια γραφείο. Τηλ. 275-251.

ΖΗΤΕΙΤΑΙ πωλήτρια. Τηλ. 837-265.

ΖΗΤΟΥΝΤΑΙ τορναδόροι με πείρα. Τηλ. 526-230.

ΖΗΤΕΙΤΑΙ κυρία δια φαρμακείο. Τηλ. 274-232.

ΖΗΤΕΙΤΑΙ εργάτης δια πρατήριο. Τηλ. 234-600.

ΖΗΤΟΥΝΤΑΙ σερβιτόροι δια καφετέρια. Τηλ. 533-614.

ΖΗΤΕΙΤΑΙ εργάτης δια αποθήκη. Τηλ. 267-862.

ΖΗΤΟΥΝΤΑΙ ζαχαροπλάσται. Τηλ. 215-330.

ΖΗΤΕΙΤΑΙ υπάλληλος. Τηλ. 517-013.

ΖΗΤΟΥΝΤΑΙ	τεχνίται σιδηροκατασκευών. Τηλ. 264-614.

ΖΗΤΕΙΤΑΙ κοπέλα δια ραφείο. Τηλ. 261-582.

ΖΗΤΟΥΝΤΑΙ ταξιτζήδες. Τηλ. 204-093.

ΖΗΤΕΙΤΑΙ νεαρά. Τηλ. 222-164.

ΖΗΤΟΥΝΤΑΙ βοηθοί κομμωτηρίου. Τηλ. 260-045.

ΖΗΤΕΙΤΑΙ κυρία με πείρα. Τηλ. 537-769.

ΖΗΤΕΙΤΑΙ δακτυλογράφος. Τηλ. 420-063.

ΖΗΤΟΥΝΤΑΙ επιπλοποιοί. Τηλ. 817-207.

ΖΗΤΕΙΤΑΙ	νεαρός δια ταχυμεταφορές. Τηλ. 228-171.

ΖΗΤΕΙΤΑΙ	εργάτης δια κατασκευές. Τηλ. 417-315.

ΖΗΤΕΙΤΑΙ μικρή 13—15 ετών δια βιβλιοπωλείον. Ερμού 71, κ. Σφακιανάκη.

ΒΙΟΜΗΧΑΝΙΑ πλαστικών ζητεί εργάτριες και εργάτες. Τηλ. 271-206.

ΖΗΤΕΙΤΑΙ πωλήτρια πεπειραμένη. Τηλ. 528-517.

ΖΗΤΕΙΤΑΙ μικρή για βιοτεχνία από 14—16 ετών. Τηλ. 528-517.

ΖΗΤΕΙΤΑΙ κλώστης ενδυμάτων αυτουργός. Τηλ. 528-517.

ΖΗΤΕΙΤΑΙ κυρία ή κοπέλα για λίγες ώρες. Τηλ. 412-970.

ΖΗΤΕΙΤΑΙ γυναίκα για ζέσιμο. Τηλ. 539-225.

ΑΓΓΛΙΚΟ φροντιστήριο ζητεί καθηγήτρια. Τηλ. 227-106.

ΖΗΤΟΥΝΤΑΙ τεχνίται και βοηθοί αλουμινίου. Τηλ. 763-428.

ΖΗΤΟΥΝΤΑΙ ψυκτικοί. Τηλ. 831-065.

ΖΗΤΟΥΝΤΑΙ	κοπτοράπτριες, ραπτριες. Τηλ. 279-255.

ΖΗΤΟΥΝΤΑΙ	τεχνίτες πεπειραμένοι. Τηλ. 812-085.

ΖΗΤΟΥΝΤΑΙ μικρές 14—16 ετών. Τηλ. 275-076.

ΖΗΤΟΥΝΤΑΙ νέοι και νέες 17—22 ετών. Εγνατία 52, 7ος όρ. 74 γρ. Τηλ. 528-068.

ΖΗΤΟΥΝΤΑΙ	τεχνίτες 8ε' εργαστήριον τσάντας. Τηλ. 528-068.

ΖΗΤΕΙΤΑΙ πλέκτρια. Τηλ. 541-262.

ΖΗΤΟΥΝΤΑΙ μοδίστρες με ρεπέρες ραπτικής. Τηλ. 518-132.

ΖΗΤΕΙΤΑΙ γυναίκα για βιοτεχνία. Τηλ. 220-912.

ΖΗΤΕΙΤΑΙ μάγειρος. Τηλ. 417-261.

ΖΗΤΟΥΝΤΑΙ μικρές δια βιοτεχνία. Τηλ. 413-139.

ΖΗΤΕΙΤΑΙ μικρή πεπειραμένη σε φωτογραφία. Τηλ. 413-139.

ΖΗΤΕΙΤΑΙ γυναίκα δια εργασία φούρνου. Τηλ. 257-758.

ΖΗΤΕΙΤΑΙ εταιρεία εσωτερική Δ' για υπάλληλον. Τηλ. 517-004.

ΖΗΤΟΥΝΤΑΙ	τεχνίται θερμοσιφώνων. Τηλ. 539-261.

ΖΗΤΟΥΝΤΑΙ	κοπέλλες δια βιοτεχνία. Τηλ. 518-132.

ΖΗΤΕΙΤΑΙ τεχνίτης επιπλοποιός. Τηλ. 833-870.

ΖΗΤΟΥΝΤΑΙ ηλεκτροτεχνίται. Τηλ. 272-646.

ΖΗΤΕΙΤΑΙ τεχνίτης λαμαρινάς. Τηλ. 817-596.

ΖΗΤΕΙΤΑΙ μικρή δια βιοτεχνία. Τηλ. 914-984.

ΕΠΙΠΛΟΠΟΙΟΙ ζητούνται. Τηλ. 635-368.

ΖΗΤΕΙΤΑΙ οικιακή βοηθός. Τηλ. 911-161.

ΖΗΤΟΥΝΤΑΙ μικρές 15—17 ετών. Τηλ. 278-185.

ΖΗΤΟΥΝΤΑΙ γαζώτριες. Τηλ. 234-867.

ΖΗΤΕΙΤΑΙ σιδηρουργός. Τηλ. 265-917.

ΖΗΤΟΥΝΤΑΙ βιοτεχνία εργάτριες. Τηλ. 532-082.

ΖΗΤΕΙΤΑΙ υπάλληλος. Τηλ. 519-473.

ΖΗΤΟΥΝΤΑΙ	πεπειραμένες ράπτριες. Τηλ. 412-970.

ΖΗΤΕΙΤΑΙ πρεσσαδόρα. Τηλ. 510-681.

ΖΗΤΕΙΤΑΙ ράπτης. Τηλ. 531-885.

ΖΗΤΟΥΝΤΑΙ μικρές δια βιοτεχνία. Τηλ. 520-865.

ΖΗΤΕΙΤΑΙ ηλεκτρολόγος. Τηλ. 371-305.

ΖΗΤΟΥΝΤΑΙ	βοηθοί δια πλεκτομηχανές. Τηλ. 204-136.

ΖΗΤΟΥΝΤΑΙ κουρείς. Τηλ. 841-572.

ΖΗΤΟΥΝΤΑΙ ελαιοχρωματισταί. Τηλ. 841-512.

ΖΗΤΕΙΤΑΙ δεσποινίς. Τηλ. 264-108.

ΖΗΤΕΙΤΑΙ μηχανικός. Τηλ. 412-152.

ΖΗΤΟΥΝΤΑΙ εργάται. Τηλ. 527-355.

ΖΗΤΕΙΤΑΙ βοηθός μοδίστρας. Τηλ. 837-865.

ΖΗΤΕΙΤΑΙ βοηθός λογιστού. Τηλ. 650-306.

ΖΗΤΟΥΝΤΑΙ σερβιτόρες. Τηλ. 279-177.

ΖΗΤΕΙΤΑΙ φωτογράφος. Τηλ. 384-363.

ΖΗΤΟΥΝΤΑΙ υπάλληλοι. Τηλ. 528-072.

ΖΗΤΕΙΤΑΙ σχεδιάστρια. Τηλ. 510-538.

ΖΗΤΕΙΤΑΙ καντίνα. Τηλ. 510-538.

ΖΗΤΟΥΝ ΕΡΓΑΣΙΑΝ

ΗΛΕΚΤΡΟΝΙΚΟΣ φοιτητής και ελεύθερος επαγγελματίας αναλαμβάνει εργασίες. Τηλ. 204-093.

ΠΡΟΥΝΤΑΣ	εκ Βεροίας εγκατασταθείς εις Θεσσαλονίκην ζητεί εργασίαν. Τηλ. 829-535.

ΝΕΟΣ φοιτητής ζητεί απασχόλησιν. Τηλ. 829-535.

ΦΥΣΙΟΛΟΓΙΚΗ κυρία ζητεί απασχόληση. Τηλ. 516-344.

ΚΥΡΙΑ έγγαμος μητέρα ζητεί εργασίαν γραφείου. Τηλ. 917-341.

ΣΥΝΕΧΕΙΑ ΕΙΣ ΤΗΝ 14ΗΝ ΣΕΛ.
